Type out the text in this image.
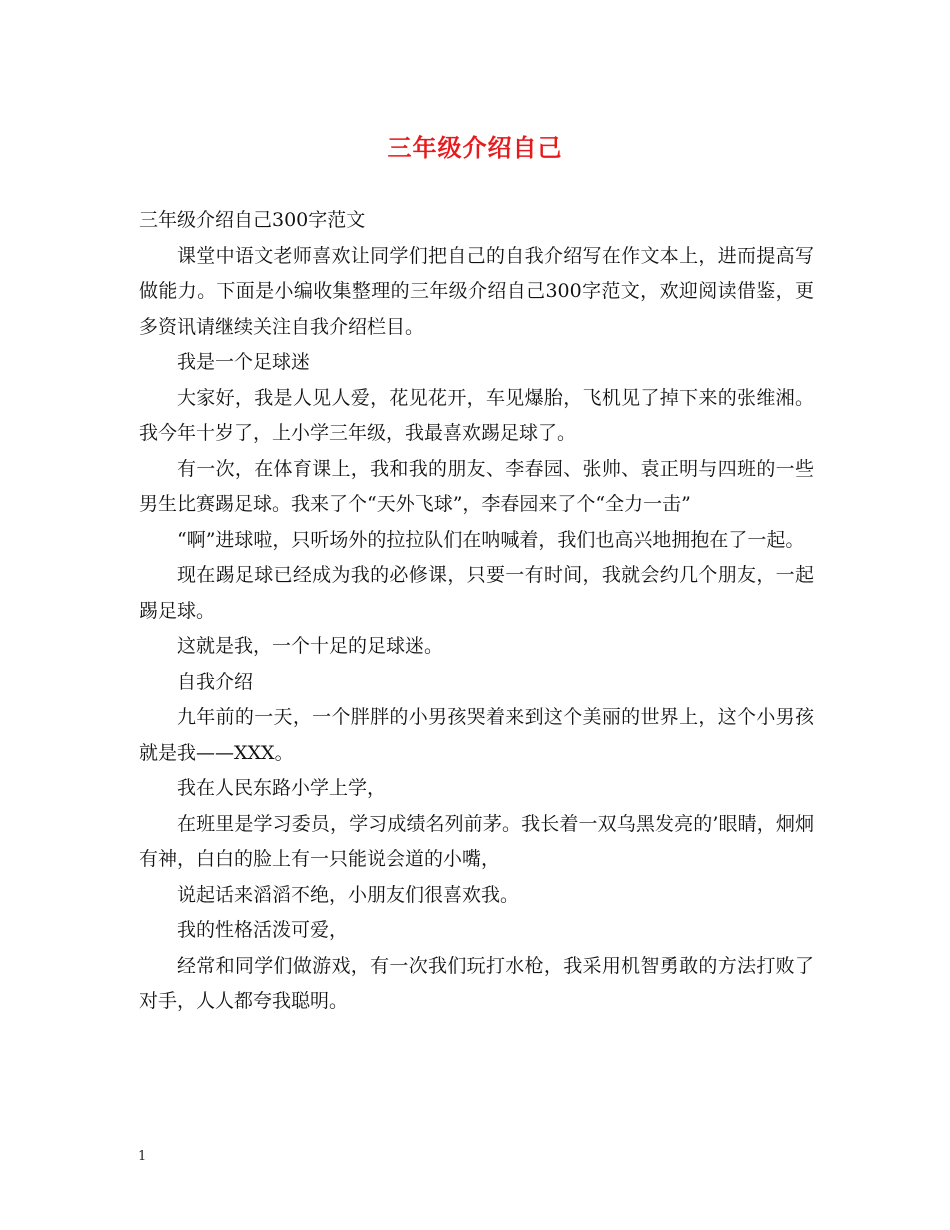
三年级介绍自己

三年级介绍自己300字范文

课堂中语文老师喜欢让同学们把自己的自我介绍写在作文本上，进而提高写做能力。下面是小编收集整理的三年级介绍自己300字范文，欢迎阅读借鉴，更多资讯请继续关注自我介绍栏目。

我是一个足球迷

大家好，我是人见人爱，花见花开，车见爆胎，飞机见了掉下来的张维湘。我今年十岁了，上小学三年级，我最喜欢踢足球了。

有一次，在体育课上，我和我的朋友、李春园、张帅、袁正明与四班的一些男生比赛踢足球。我来了个“天外飞球”，李春园来了个“全力一击”

“啊”进球啦，只听场外的拉拉队们在呐喊着，我们也高兴地拥抱在了一起。

现在踢足球已经成为我的必修课，只要一有时间，我就会约几个朋友，一起踢足球。

这就是我，一个十足的足球迷。

自我介绍

九年前的一天，一个胖胖的小男孩哭着来到这个美丽的世界上，这个小男孩就是我——XXX。

我在人民东路小学上学，

在班里是学习委员，学习成绩名列前茅。我长着一双乌黑发亮的’眼睛，炯炯有神，白白的脸上有一只能说会道的小嘴，

说起话来滔滔不绝，小朋友们很喜欢我。

我的性格活泼可爱，

经常和同学们做游戏，有一次我们玩打水枪，我采用机智勇敢的方法打败了对手，人人都夸我聪明。

1
